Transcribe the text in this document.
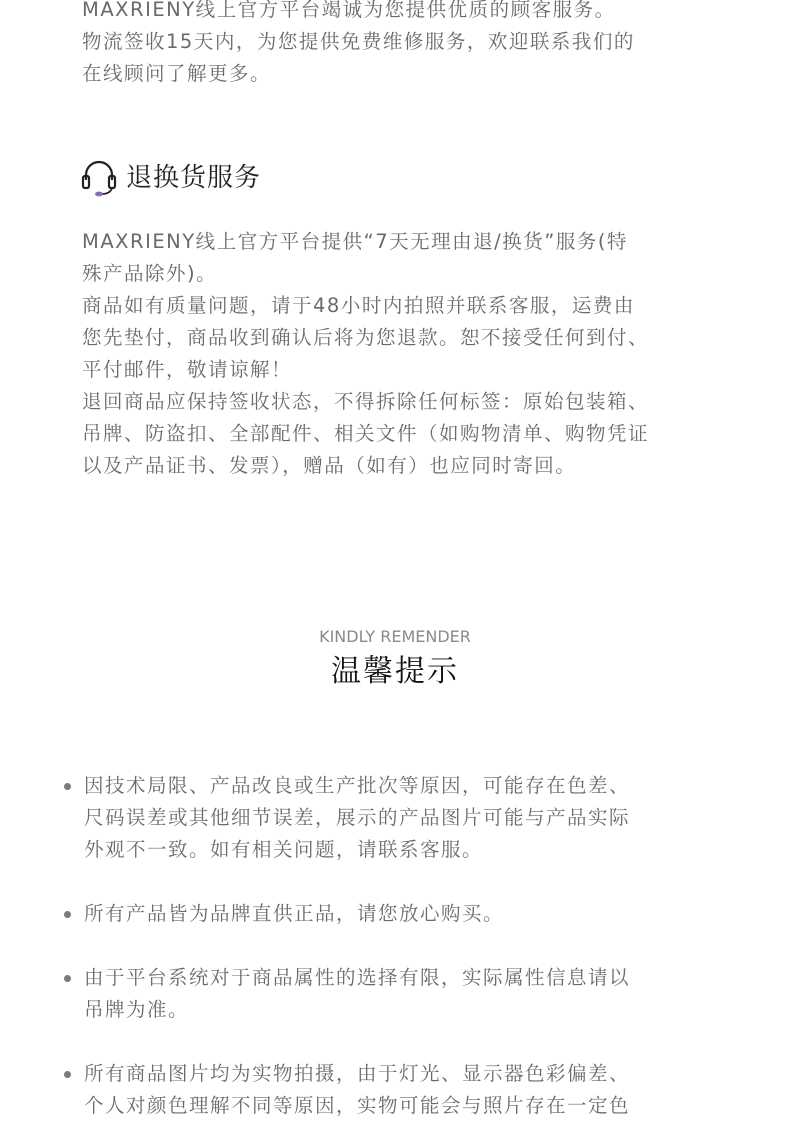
MAXRIENY线上官方平台竭诚为您提供优质的顾客服务。
物流签收15天内，为您提供免费维修服务，欢迎联系我们的
在线顾问了解更多。
退换货服务
MAXRIENY线上官方平台提供“7天无理由退/换货”服务(特
殊产品除外)。
商品如有质量问题，请于48小时内拍照并联系客服，运费由
您先垫付，商品收到确认后将为您退款。恕不接受任何到付、
平付邮件，敬请谅解！
退回商品应保持签收状态，不得拆除任何标签：原始包装箱、
吊牌、防盗扣、全部配件、相关文件（如购物清单、购物凭证
以及产品证书、发票），赠品（如有）也应同时寄回。
KINDLY REMENDER
温馨提示
因技术局限、产品改良或生产批次等原因，可能存在色差、
尺码误差或其他细节误差，展示的产品图片可能与产品实际
外观不一致。如有相关问题，请联系客服。
所有产品皆为品牌直供正品，请您放心购买。
由于平台系统对于商品属性的选择有限，实际属性信息请以
吊牌为准。
所有商品图片均为实物拍摄，由于灯光、显示器色彩偏差、
个人对颜色理解不同等原因，实物可能会与照片存在一定色
